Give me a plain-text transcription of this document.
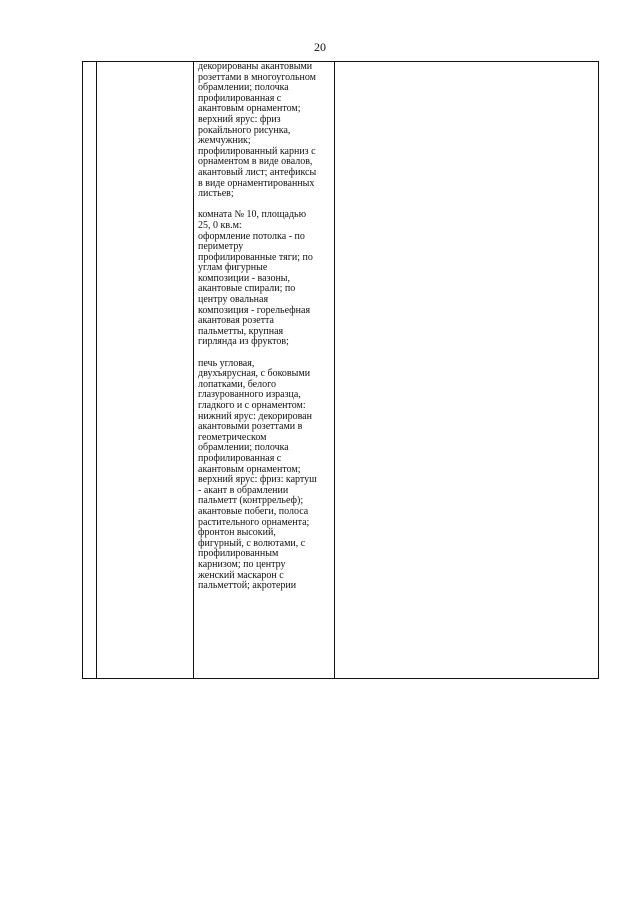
20

декорированы акантовыми
розеттами в многоугольном
обрамлении; полочка
профилированная с
акантовым орнаментом;
верхний ярус: фриз
рокайльного рисунка,
жемчужник;
профилированный карниз с
орнаментом в виде овалов,
акантовый лист; антефиксы
в виде орнаментированных
листьев;

комната № 10, площадью
25, 0 кв.м:
оформление потолка - по
периметру
профилированные тяги; по
углам фигурные
композиции - вазоны,
акантовые спирали; по
центру овальная
композиция - горельефная
акантовая розетта
пальметты, крупная
гирлянда из фруктов;

печь угловая,
двухъярусная, с боковыми
лопатками, белого
глазурованного изразца,
гладкого и с орнаментом:
нижний ярус: декорирован
акантовыми розеттами в
геометрическом
обрамлении; полочка
профилированная с
акантовым орнаментом;
верхний ярус: фриз: картуш
- акант в обрамлении
пальметт (контррельеф);
акантовые побеги, полоса
растительного орнамента;
фронтон высокий,
фигурный, с волютами, с
профилированным
карнизом; по центру
женский маскарон с
пальметтой; акротерии
